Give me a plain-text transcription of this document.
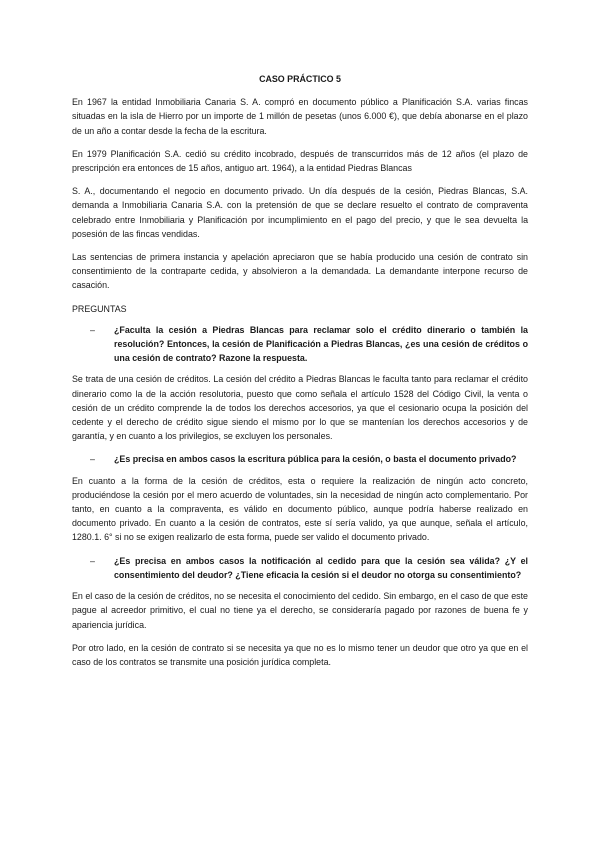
CASO PRÁCTICO 5

En 1967 la entidad Inmobiliaria Canaria S. A. compró en documento público a Planificación S.A. varias fincas situadas en la isla de Hierro por un importe de 1 millón de pesetas (unos 6.000 €), que debía abonarse en el plazo de un año a contar desde la fecha de la escritura.

En 1979 Planificación S.A. cedió su crédito incobrado, después de transcurridos más de 12 años (el plazo de prescripción era entonces de 15 años, antiguo art. 1964), a la entidad Piedras Blancas

S. A., documentando el negocio en documento privado. Un día después de la cesión, Piedras Blancas, S.A. demanda a Inmobiliaria Canaria S.A. con la pretensión de que se declare resuelto el contrato de compraventa celebrado entre Inmobiliaria y Planificación por incumplimiento en el pago del precio, y que le sea devuelta la posesión de las fincas vendidas.

Las sentencias de primera instancia y apelación apreciaron que se había producido una cesión de contrato sin consentimiento de la contraparte cedida, y absolvieron a la demandada. La demandante interpone recurso de casación.

PREGUNTAS

–	¿Faculta la cesión a Piedras Blancas para reclamar solo el crédito dinerario o también la resolución? Entonces, la cesión de Planificación a Piedras Blancas, ¿es una cesión de créditos o una cesión de contrato? Razone la respuesta.

Se trata de una cesión de créditos. La cesión del crédito a Piedras Blancas le faculta tanto para reclamar el crédito dinerario como la de la acción resolutoria, puesto que como señala el artículo 1528 del Código Civil, la venta o cesión de un crédito comprende la de todos los derechos accesorios, ya que el cesionario ocupa la posición del cedente y el derecho de crédito sigue siendo el mismo por lo que se mantenían los derechos accesorios y de garantía, y en cuanto a los privilegios, se excluyen los personales.

–	¿Es precisa en ambos casos la escritura pública para la cesión, o basta el documento privado?

En cuanto a la forma de la cesión de créditos, esta o requiere la realización de ningún acto concreto, produciéndose la cesión por el mero acuerdo de voluntades, sin la necesidad de ningún acto complementario. Por tanto, en cuanto a la compraventa, es válido en documento público, aunque podría haberse realizado en documento privado. En cuanto a la cesión de contratos, este sí sería valido, ya que aunque, señala el artículo, 1280.1. 6° si no se exigen realizarlo de esta forma, puede ser valido el documento privado.

–	¿Es precisa en ambos casos la notificación al cedido para que la cesión sea válida? ¿Y el consentimiento del deudor? ¿Tiene eficacia la cesión si el deudor no otorga su consentimiento?

En el caso de la cesión de créditos, no se necesita el conocimiento del cedido. Sin embargo, en el caso de que este pague al acreedor primitivo, el cual no tiene ya el derecho, se consideraría pagado por razones de buena fe y apariencia jurídica.

Por otro lado, en la cesión de contrato si se necesita ya que no es lo mismo tener un deudor que otro ya que en el caso de los contratos se transmite una posición jurídica completa.
